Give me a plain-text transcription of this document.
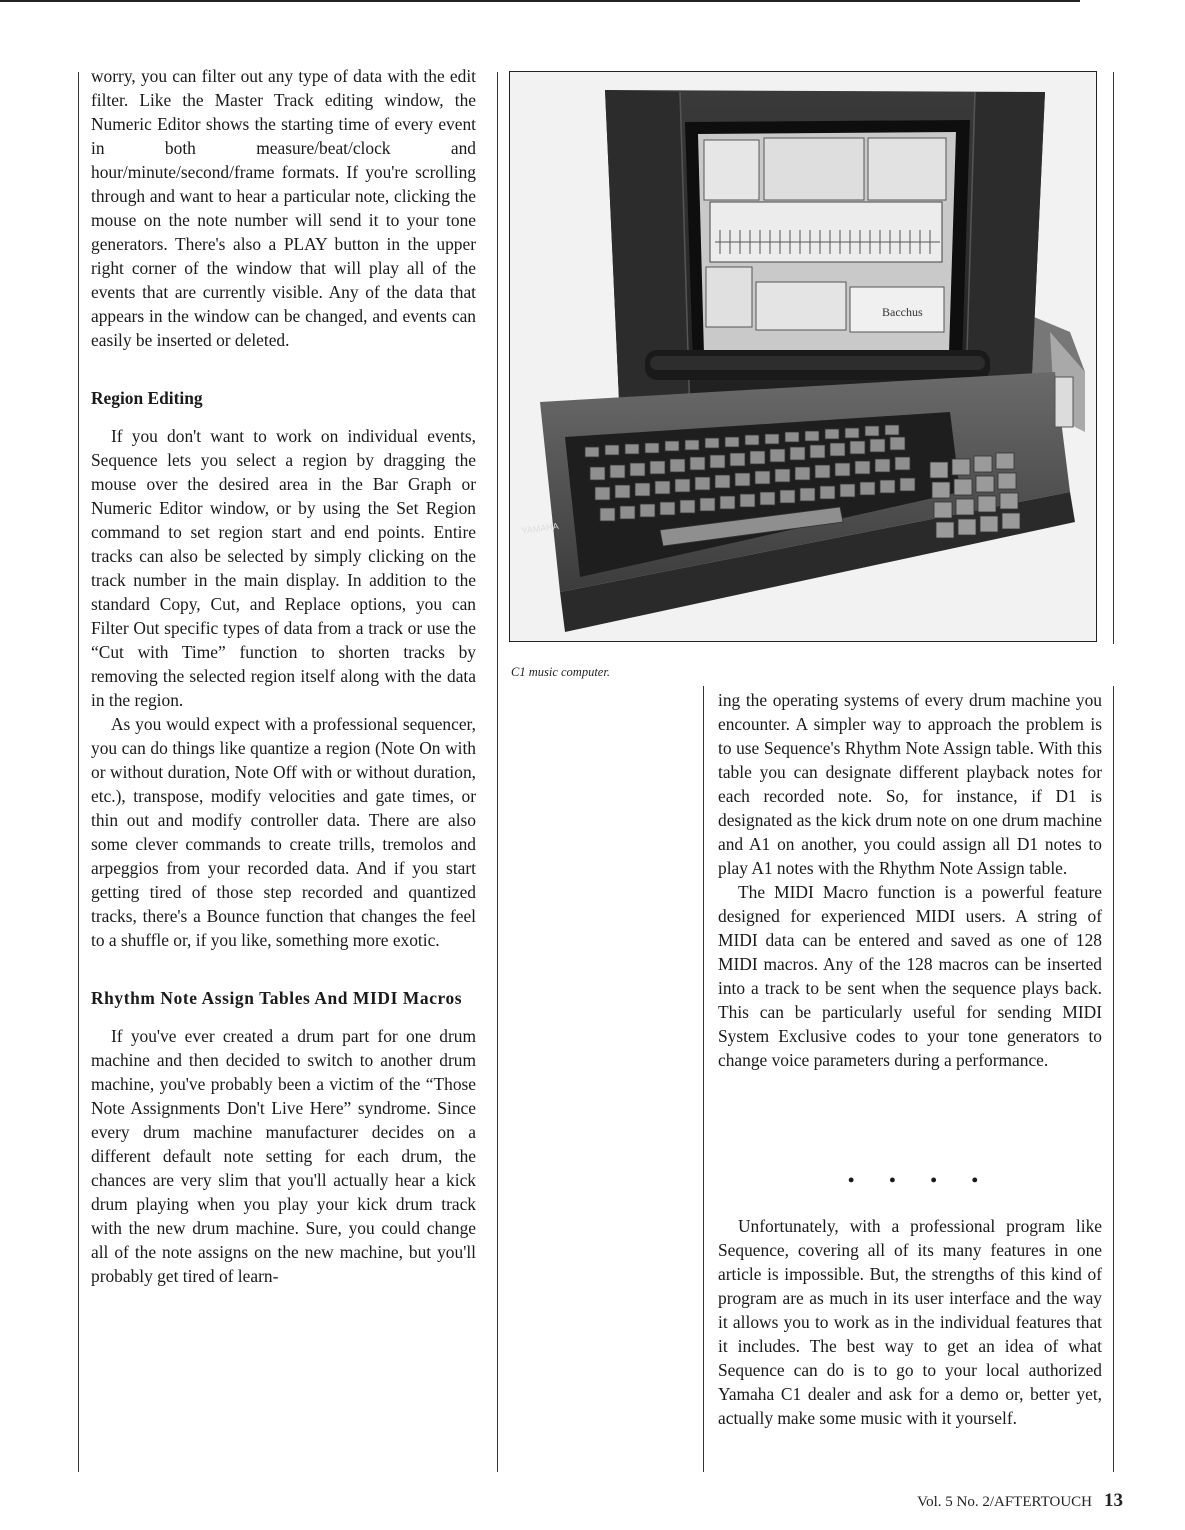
worry, you can filter out any type of data with the edit filter. Like the Master Track editing window, the Numeric Editor shows the starting time of every event in both measure/beat/clock and hour/minute/second/frame formats. If you're scrolling through and want to hear a particular note, clicking the mouse on the note number will send it to your tone generators. There's also a PLAY button in the upper right corner of the window that will play all of the events that are currently visible. Any of the data that appears in the window can be changed, and events can easily be inserted or deleted.

Region Editing

If you don't want to work on individual events, Sequence lets you select a region by dragging the mouse over the desired area in the Bar Graph or Numeric Editor window, or by using the Set Region command to set region start and end points. Entire tracks can also be selected by simply clicking on the track number in the main display. In addition to the standard Copy, Cut, and Replace options, you can Filter Out specific types of data from a track or use the “Cut with Time” function to shorten tracks by removing the selected region itself along with the data in the region.

As you would expect with a professional sequencer, you can do things like quantize a region (Note On with or without duration, Note Off with or without duration, etc.), transpose, modify velocities and gate times, or thin out and modify controller data. There are also some clever commands to create trills, tremolos and arpeggios from your recorded data. And if you start getting tired of those step recorded and quantized tracks, there's a Bounce function that changes the feel to a shuffle or, if you like, something more exotic.

Rhythm Note Assign Tables And MIDI Macros

If you've ever created a drum part for one drum machine and then decided to switch to another drum machine, you've probably been a victim of the “Those Note Assignments Don't Live Here” syndrome. Since every drum machine manufacturer decides on a different default note setting for each drum, the chances are very slim that you'll actually hear a kick drum playing when you play your kick drum track with the new drum machine. Sure, you could change all of the note assigns on the new machine, but you'll probably get tired of learn-

Bacchus
YAMAHA
C1 music computer.

ing the operating systems of every drum machine you encounter. A simpler way to approach the problem is to use Sequence's Rhythm Note Assign table. With this table you can designate different playback notes for each recorded note. So, for instance, if D1 is designated as the kick drum note on one drum machine and A1 on another, you could assign all D1 notes to play A1 notes with the Rhythm Note Assign table.

The MIDI Macro function is a powerful feature designed for experienced MIDI users. A string of MIDI data can be entered and saved as one of 128 MIDI macros. Any of the 128 macros can be inserted into a track to be sent when the sequence plays back. This can be particularly useful for sending MIDI System Exclusive codes to your tone generators to change voice parameters during a performance.

• • • •

Unfortunately, with a professional program like Sequence, covering all of its many features in one article is impossible. But, the strengths of this kind of program are as much in its user interface and the way it allows you to work as in the individual features that it includes. The best way to get an idea of what Sequence can do is to go to your local authorized Yamaha C1 dealer and ask for a demo or, better yet, actually make some music with it yourself.

Vol. 5 No. 2/AFTERTOUCH 13
